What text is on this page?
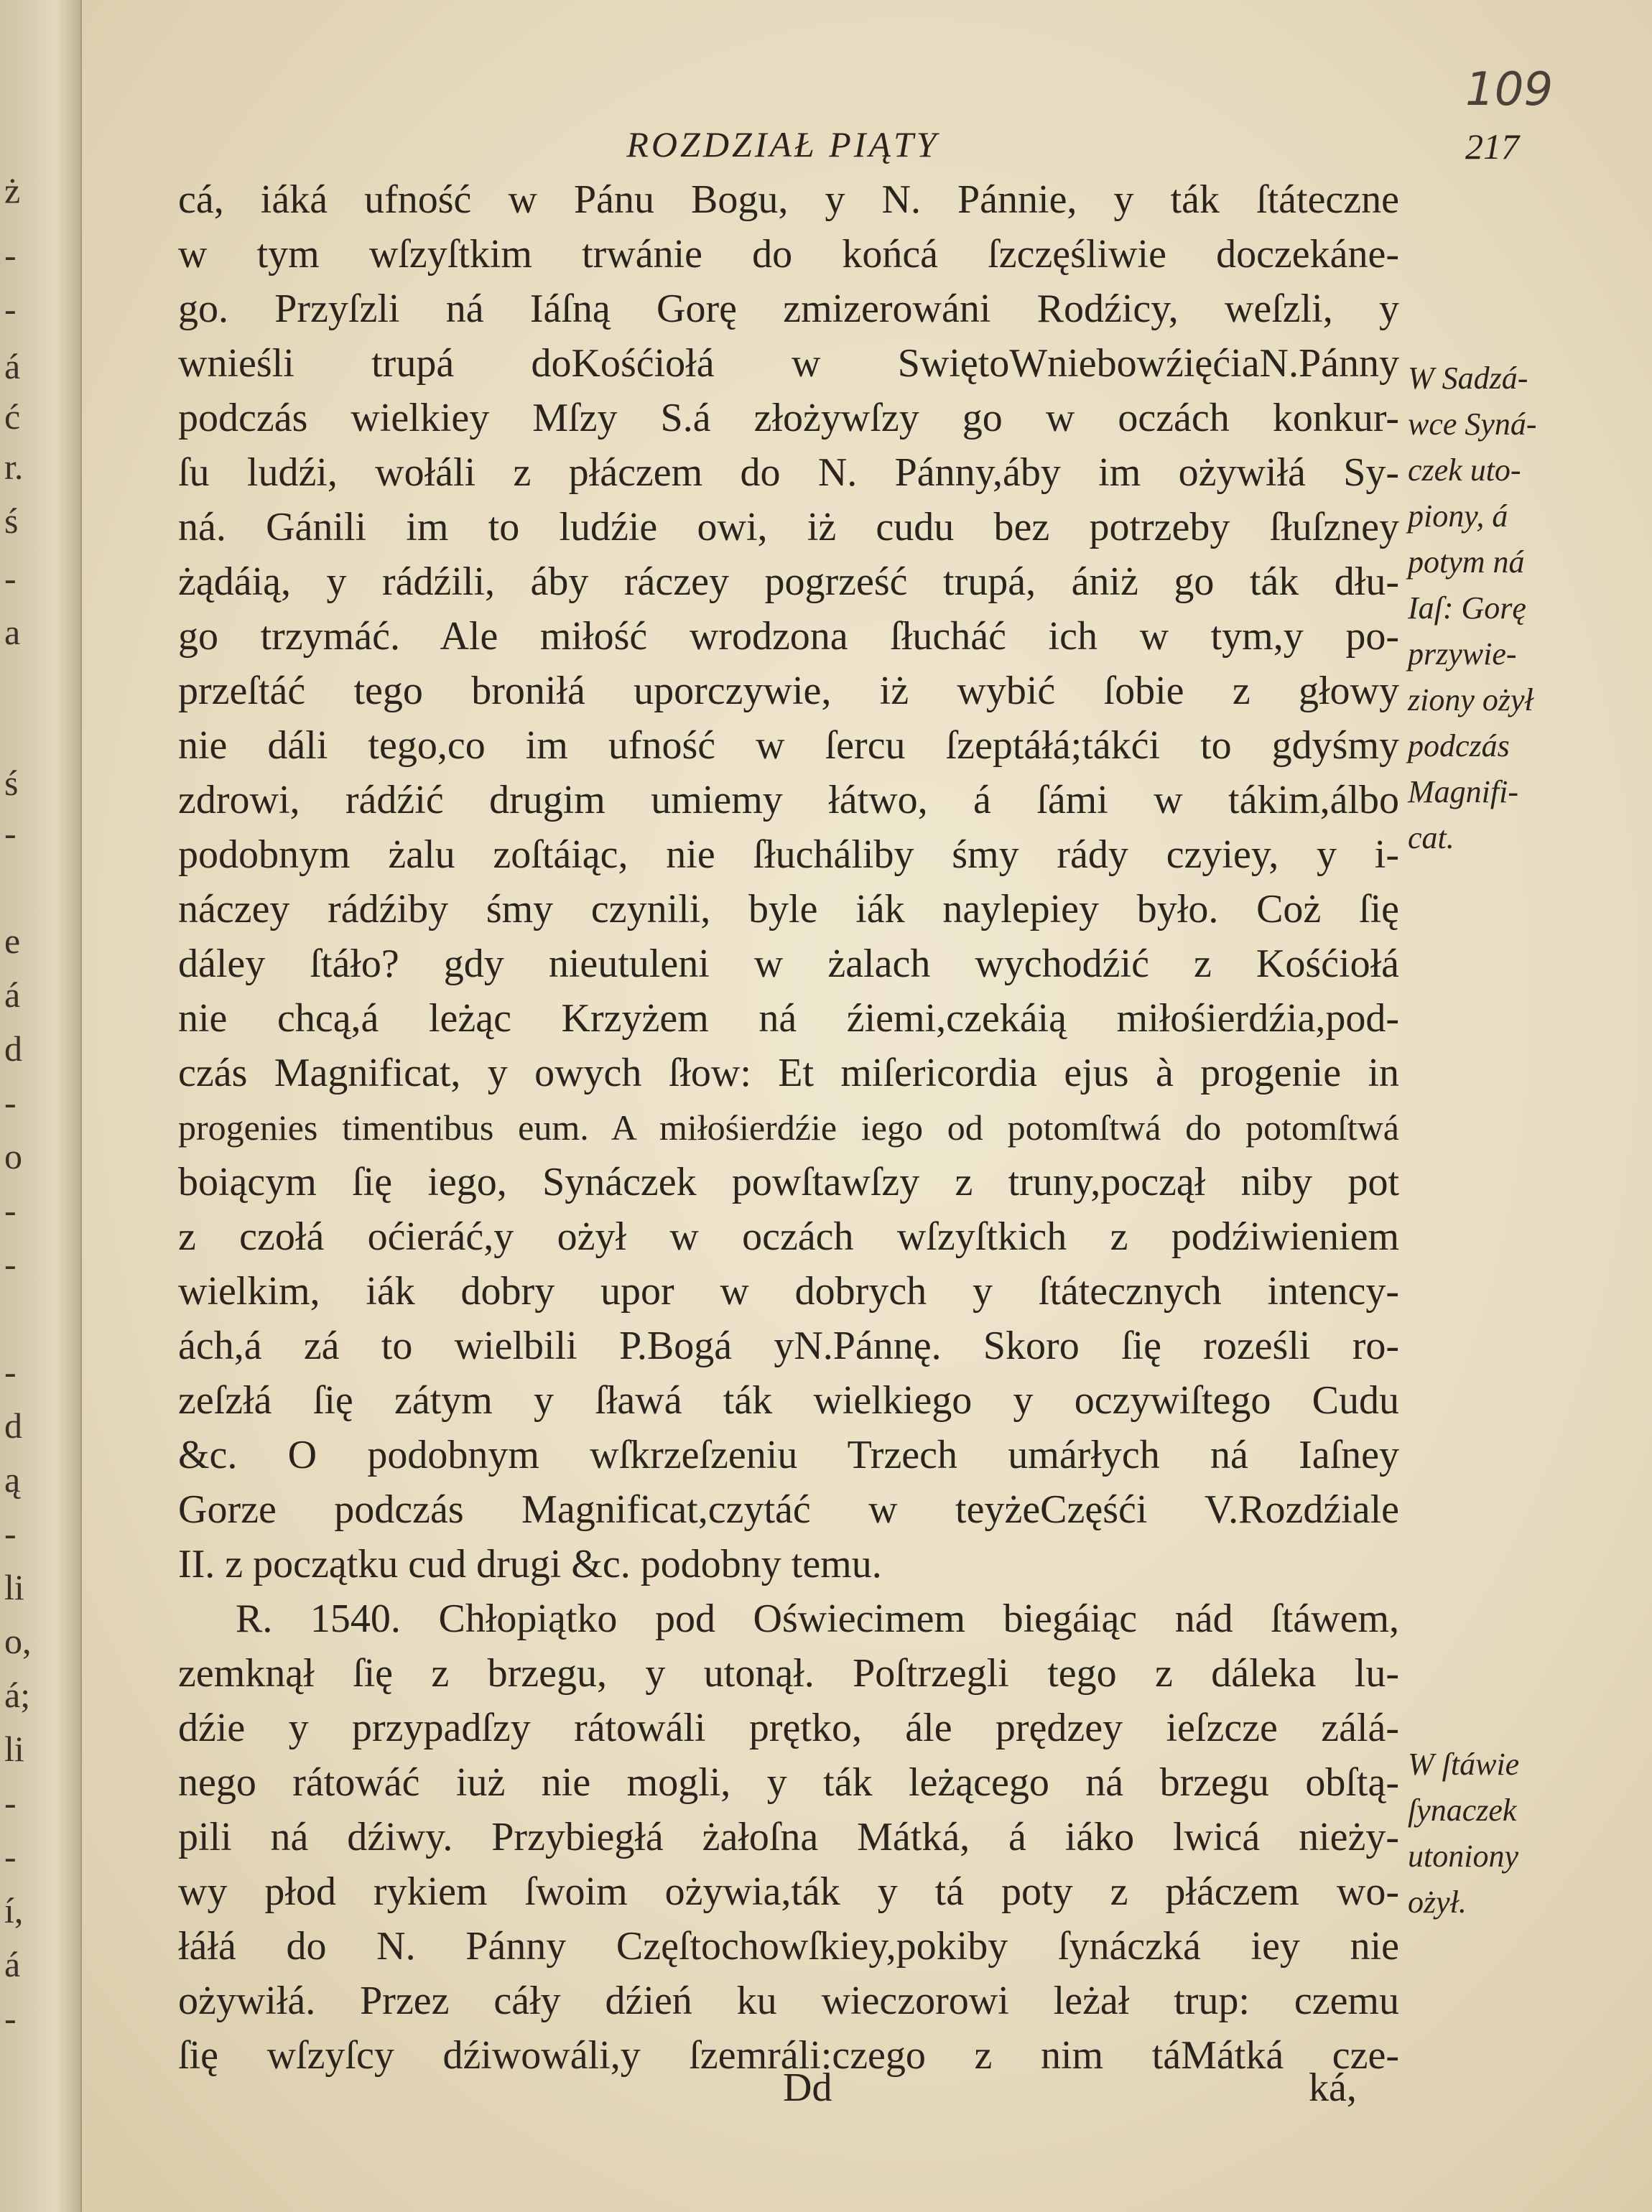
ż
-
-
á
ć
r.
ś
-
a
ś
-
e
á
d
-
o
-
-
-
d
ą
-
li
o,
á;
li
-
-
í,
á
-
109
ROZDZIAŁ PIĄTY	217
cá, iáká ufność w Pánu Bogu, y N. Pánnie, y ták ſtáteczne
w tym wſzyſtkim trwánie do końcá ſzczęśliwie doczekáne-
go. Przyſzli ná Iáſną Gorę zmizerowáni Rodźicy, weſzli, y
wnieśli trupá doKośćiołá w SwiętoWniebowźięćiaN.Pánny
podczás wielkiey Mſzy S.á złożywſzy go w oczách konkur-
ſu ludźi, wołáli z płáczem do N. Pánny,áby im ożywiłá Sy-
ná. Gánili im to ludźie owi, iż cudu bez potrzeby ſłuſzney
żądáią, y rádźili, áby ráczey pogrześć trupá, ániż go ták dłu-
go trzymáć. Ale miłość wrodzona ſłucháć ich w tym,y po-
przeſtáć tego broniłá uporczywie, iż wybić ſobie z głowy
nie dáli tego,co im ufność w ſercu ſzeptáłá;tákći to gdyśmy
zdrowi, rádźić drugim umiemy łátwo, á ſámi w tákim,álbo
podobnym żalu zoſtáiąc, nie ſłucháliby śmy rády czyiey, y i-
náczey rádźiby śmy czynili, byle iák naylepiey było. Coż ſię
dáley ſtáło? gdy nieutuleni w żalach wychodźić z Kośćiołá
nie chcą,á leżąc Krzyżem ná źiemi,czekáią miłośierdźia,pod-
czás Magnificat, y owych ſłow: Et miſericordia ejus à progenie in
progenies timentibus eum. A miłośierdźie iego od potomſtwá do potomſtwá
boiącym ſię iego, Synáczek powſtawſzy z truny,począł niby pot
z czołá oćieráć,y ożył w oczách wſzyſtkich z podźiwieniem
wielkim, iák dobry upor w dobrych y ſtátecznych intency-
ách,á zá to wielbili P.Bogá yN.Pánnę. Skoro ſię roześli ro-
zeſzłá ſię zátym y ſławá ták wielkiego y oczywiſtego Cudu
&c. O podobnym wſkrzeſzeniu Trzech umárłych ná Iaſney
Gorze podczás Magnificat,czytáć w teyżeCzęśći V.Rozdźiale
II. z początku cud drugi &c. podobny temu.
R. 1540. Chłopiątko pod Oświecimem biegáiąc nád ſtáwem,
zemknął ſię z brzegu, y utonął. Poſtrzegli tego z dáleka lu-
dźie y przypadſzy rátowáli prętko, ále prędzey ieſzcze zálá-
nego rátowáć iuż nie mogli, y ták leżącego ná brzegu obſtą-
pili ná dźiwy. Przybiegłá żałoſna Mátká, á iáko lwicá nieży-
wy płod rykiem ſwoim ożywia,ták y tá poty z płáczem wo-
łáłá do N. Pánny Częſtochowſkiey,pokiby ſynáczká iey nie
ożywiłá. Przez cáły dźień ku wieczorowi leżał trup: czemu
ſię wſzyſcy dźiwowáli,y ſzemráli:czego z nim táMátká cze-
W Sadzá-
wce Syná-
czek uto-
piony, á
potym ná
Iaſ: Gorę
przywie-
ziony ożył
podczás
Magnifi-
cat.
W ſtáwie
ſynaczek
utoniony
ożył.
Dd	ká,
